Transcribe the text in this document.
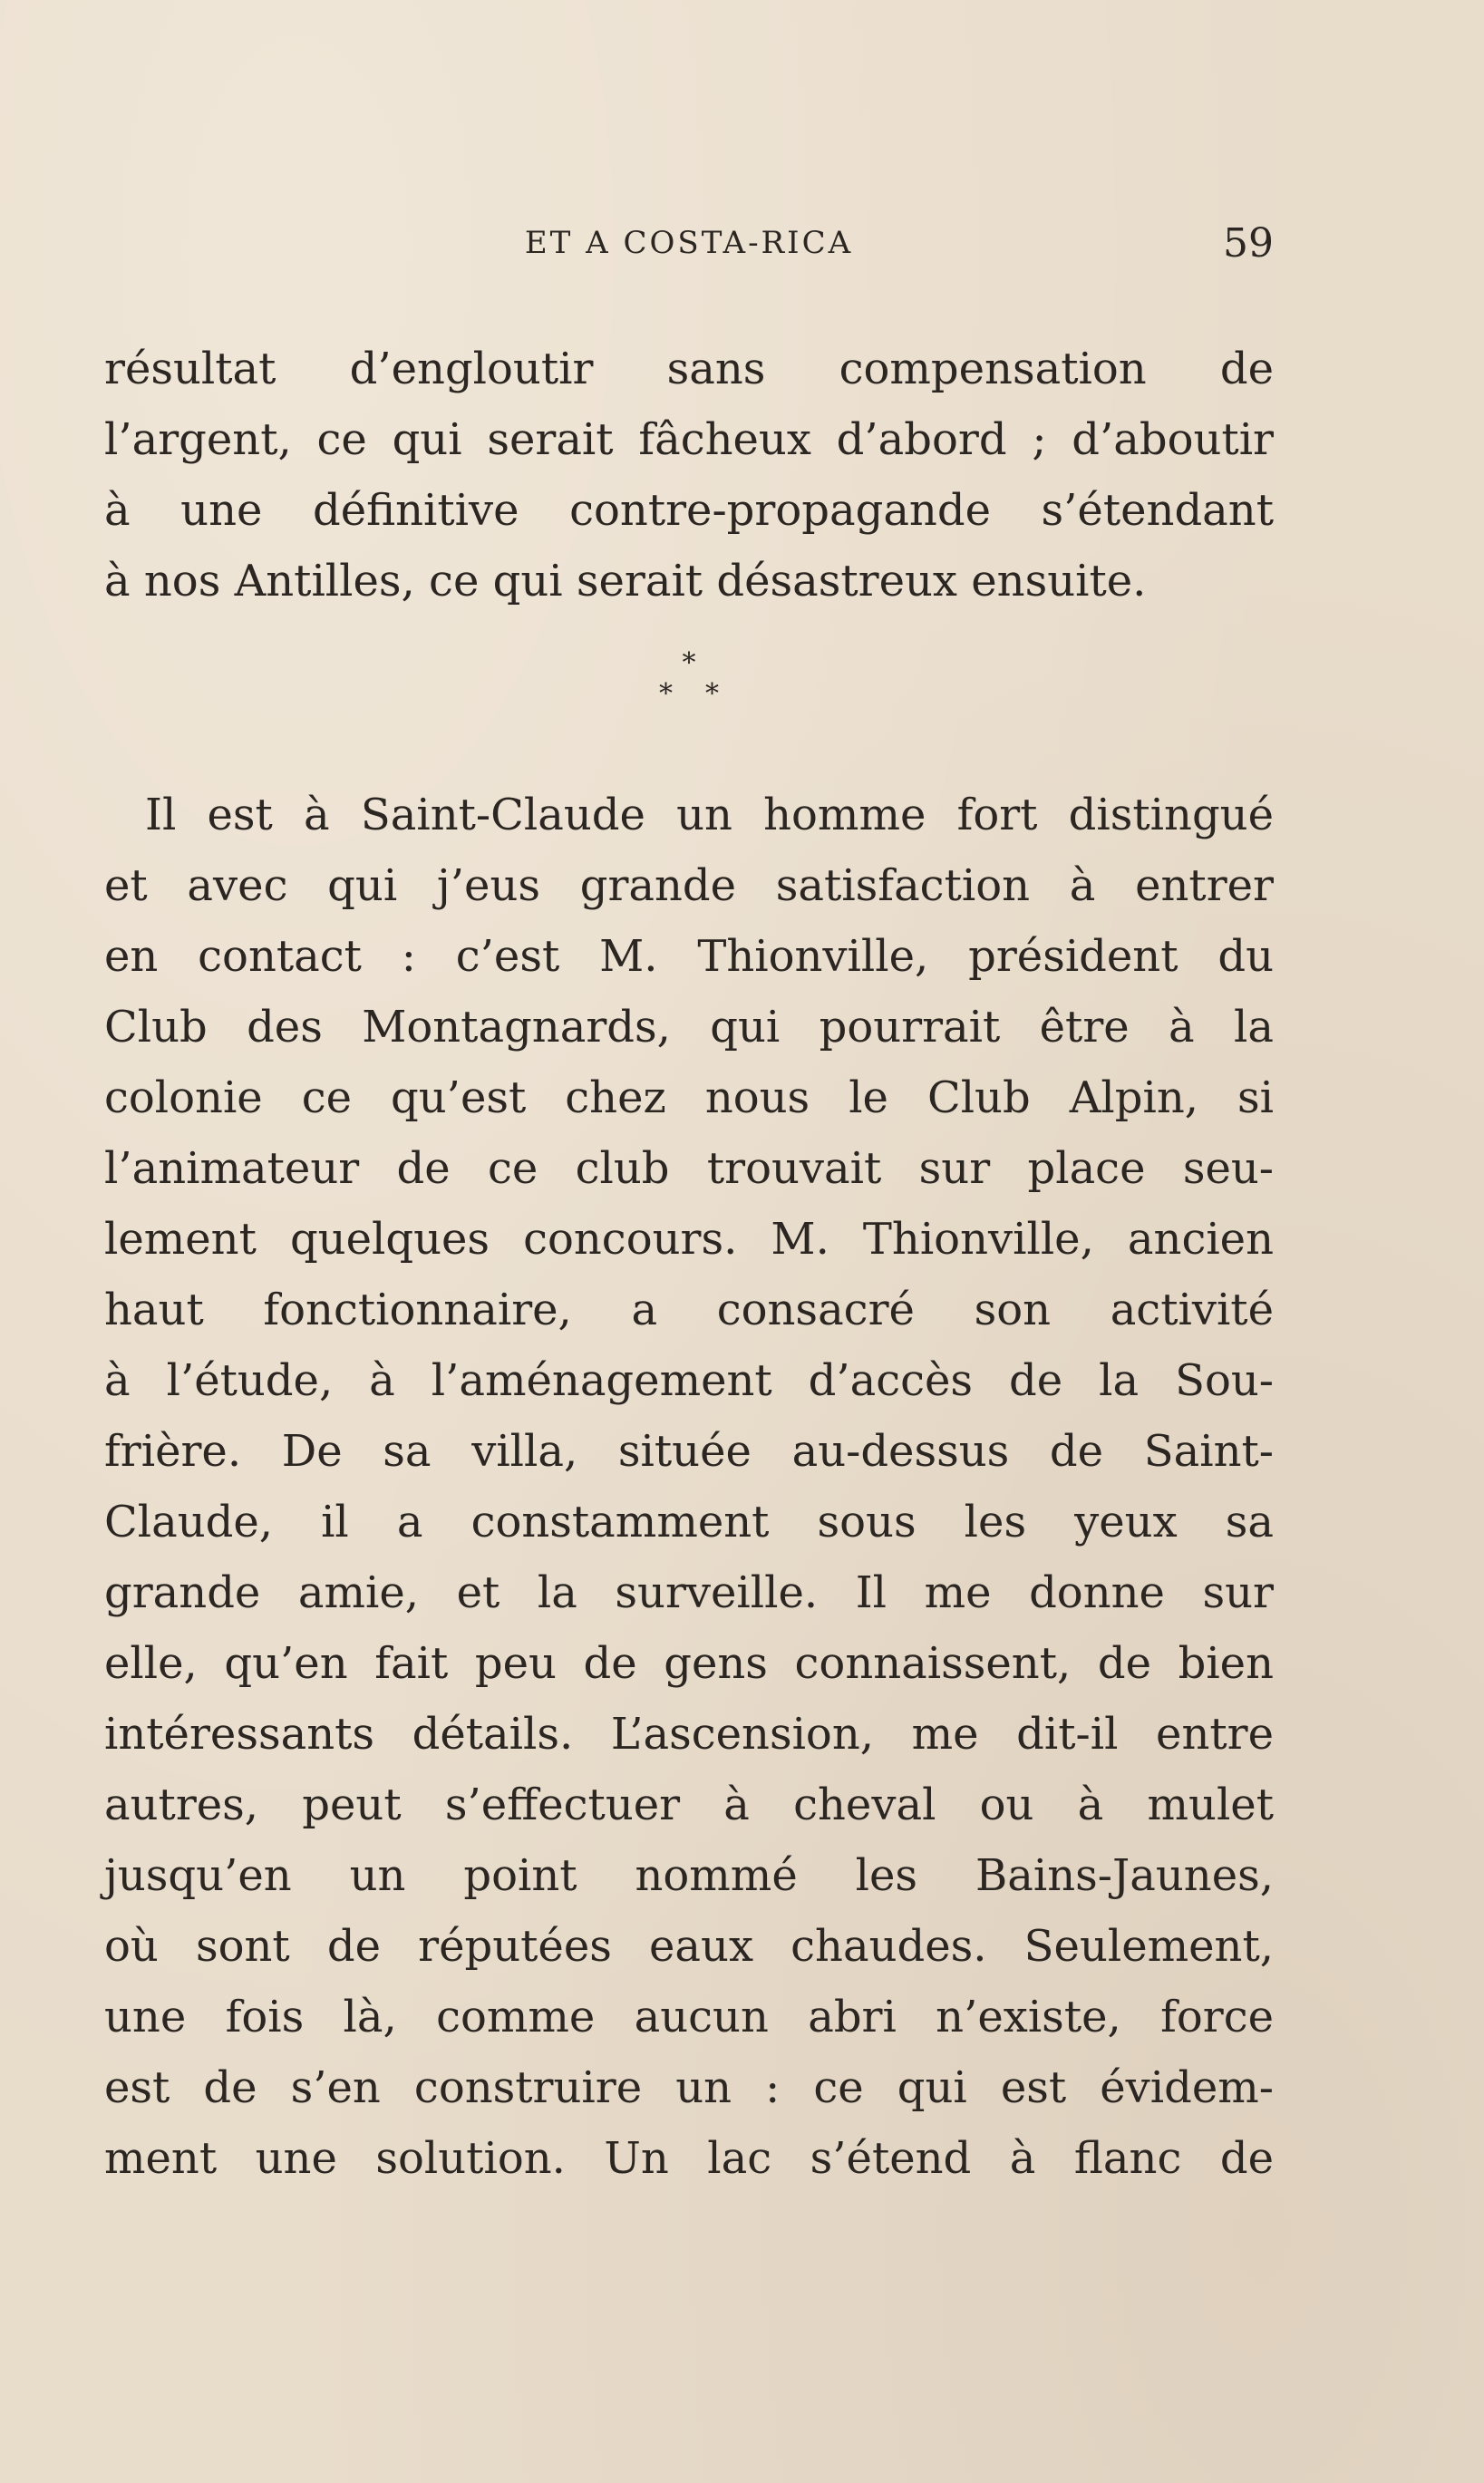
ET A COSTA-RICA	59
résultat d’engloutir sans compensation de
l’argent, ce qui serait fâcheux d’abord ; d’aboutir
à une définitive contre-propagande s’étendant
à nos Antilles, ce qui serait désastreux ensuite.
*
**
Il est à Saint-Claude un homme fort distingué
et avec qui j’eus grande satisfaction à entrer
en contact : c’est M. Thionville, président du
Club des Montagnards, qui pourrait être à la
colonie ce qu’est chez nous le Club Alpin, si
l’animateur de ce club trouvait sur place seu-
lement quelques concours. M. Thionville, ancien
haut fonctionnaire, a consacré son activité
à l’étude, à l’aménagement d’accès de la Sou-
frière. De sa villa, située au-dessus de Saint-
Claude, il a constamment sous les yeux sa
grande amie, et la surveille. Il me donne sur
elle, qu’en fait peu de gens connaissent, de bien
intéressants détails. L’ascension, me dit-il entre
autres, peut s’effectuer à cheval ou à mulet
jusqu’en un point nommé les Bains-Jaunes,
où sont de réputées eaux chaudes. Seulement,
une fois là, comme aucun abri n’existe, force
est de s’en construire un : ce qui est évidem-
ment une solution. Un lac s’étend à flanc de
